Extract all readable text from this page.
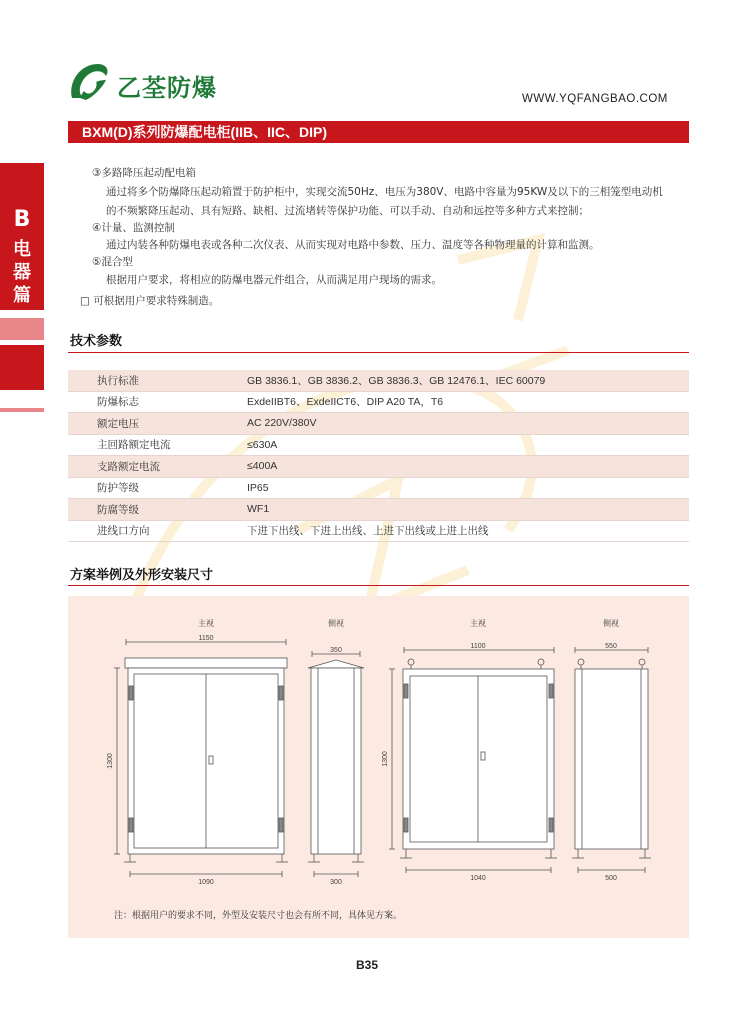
乙荃防爆	WWW.YQFANGBAO.COM
BXM(D)系列防爆配电柜(IIB、IIC、DIP)
B
电
器
篇
③多路降压起动配电箱
通过将多个防爆降压起动箱置于防护柜中，实现交流50Hz、电压为380V、电路中容量为95KW及以下的三相笼型电动机
的不频繁降压起动、具有短路、缺相、过流堵转等保护功能、可以手动、自动和远控等多种方式来控制；
④计量、监测控制
通过内装各种防爆电表或各种二次仪表、从而实现对电路中参数、压力、温度等各种物理量的计算和监测。
⑤混合型
根据用户要求，将相应的防爆电器元件组合，从而满足用户现场的需求。
□ 可根据用户要求特殊制造。
技术参数
执行标准	GB 3836.1、GB 3836.2、GB 3836.3、GB 12476.1、IEC 60079
防爆标志	ExdeIIBT6、ExdeIICT6、DIP A20 TA，T6
额定电压	AC 220V/380V
主回路额定电流	≤630A
支路额定电流	≤400A
防护等级	IP65
防腐等级	WF1
进线口方向	下进下出线、下进上出线、上进下出线或上进上出线
方案举例及外形安装尺寸
主视	侧视
1150
350
1090	300
1300
主视	侧视
1100	550
1040	500
1300
注：根据用户的要求不同，外型及安装尺寸也会有所不同，具体见方案。
B35
